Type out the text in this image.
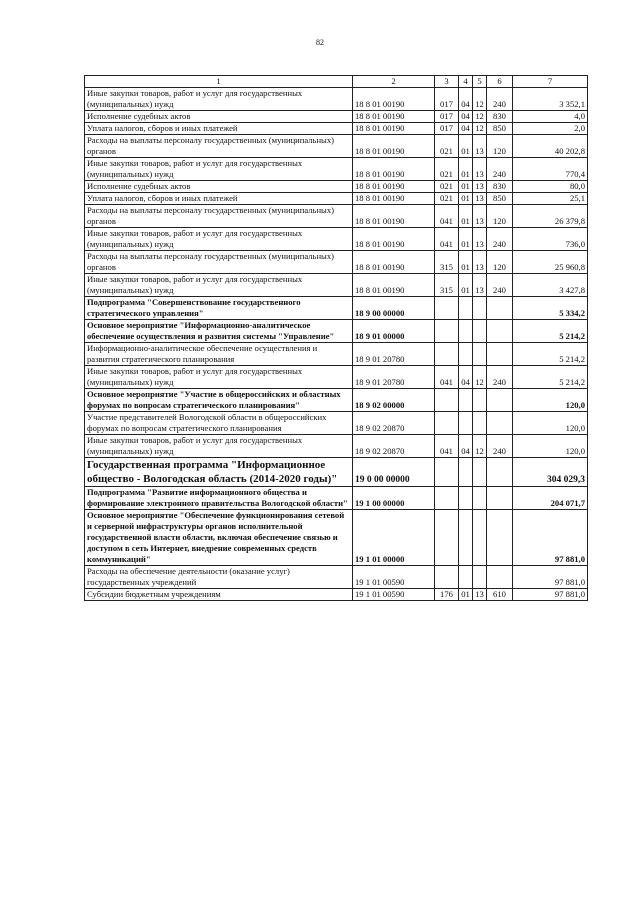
82
1	2	3	4	5	6	7
Иные закупки товаров, работ и услуг для государственных (муниципальных) нужд	18 8 01 00190	017	04	12	240	3 352,1
Исполнение судебных актов	18 8 01 00190	017	04	12	830	4,0
Уплата налогов, сборов и иных платежей	18 8 01 00190	017	04	12	850	2,0
Расходы на выплаты персоналу государственных (муниципальных) органов	18 8 01 00190	021	01	13	120	40 202,8
Иные закупки товаров, работ и услуг для государственных (муниципальных) нужд	18 8 01 00190	021	01	13	240	770,4
Исполнение судебных актов	18 8 01 00190	021	01	13	830	80,0
Уплата налогов, сборов и иных платежей	18 8 01 00190	021	01	13	850	25,1
Расходы на выплаты персоналу государственных (муниципальных) органов	18 8 01 00190	041	01	13	120	26 379,8
Иные закупки товаров, работ и услуг для государственных (муниципальных) нужд	18 8 01 00190	041	01	13	240	736,0
Расходы на выплаты персоналу государственных (муниципальных) органов	18 8 01 00190	315	01	13	120	25 960,8
Иные закупки товаров, работ и услуг для государственных (муниципальных) нужд	18 8 01 00190	315	01	13	240	3 427,8
Подпрограмма "Совершенствование государственного стратегического управления"	18 9 00 00000					5 334,2
Основное мероприятие "Информационно-аналитическое обеспечение осуществления и развития системы "Управление"	18 9 01 00000					5 214,2
Информационно-аналитическое обеспечение осуществления и развития стратегического планирования	18 9 01 20780					5 214,2
Иные закупки товаров, работ и услуг для государственных (муниципальных) нужд	18 9 01 20780	041	04	12	240	5 214,2
Основное мероприятие "Участие в общероссийских и областных форумах по вопросам стратегического планирования"	18 9 02 00000					120,0
Участие представителей Вологодской области в общероссийских форумах по вопросам стратегического планирования	18 9 02 20870					120,0
Иные закупки товаров, работ и услуг для государственных (муниципальных) нужд	18 9 02 20870	041	04	12	240	120,0
Государственная программа "Информационное общество - Вологодская область (2014-2020 годы)"	19 0 00 00000					304 029,3
Подпрограмма "Развитие информационного общества и формирование электронного правительства Вологодской области"	19 1 00 00000					204 071,7
Основное мероприятие "Обеспечение функционирования сетевой и серверной инфраструктуры органов исполнительной государственной власти области, включая обеспечение связью и доступом в сеть Интернет, внедрение современных средств коммуникаций"	19 1 01 00000					97 881,0
Расходы на обеспечение деятельности (оказание услуг) государственных учреждений	19 1 01 00590					97 881,0
Субсидии бюджетным учреждениям	19 1 01 00590	176	01	13	610	97 881,0
